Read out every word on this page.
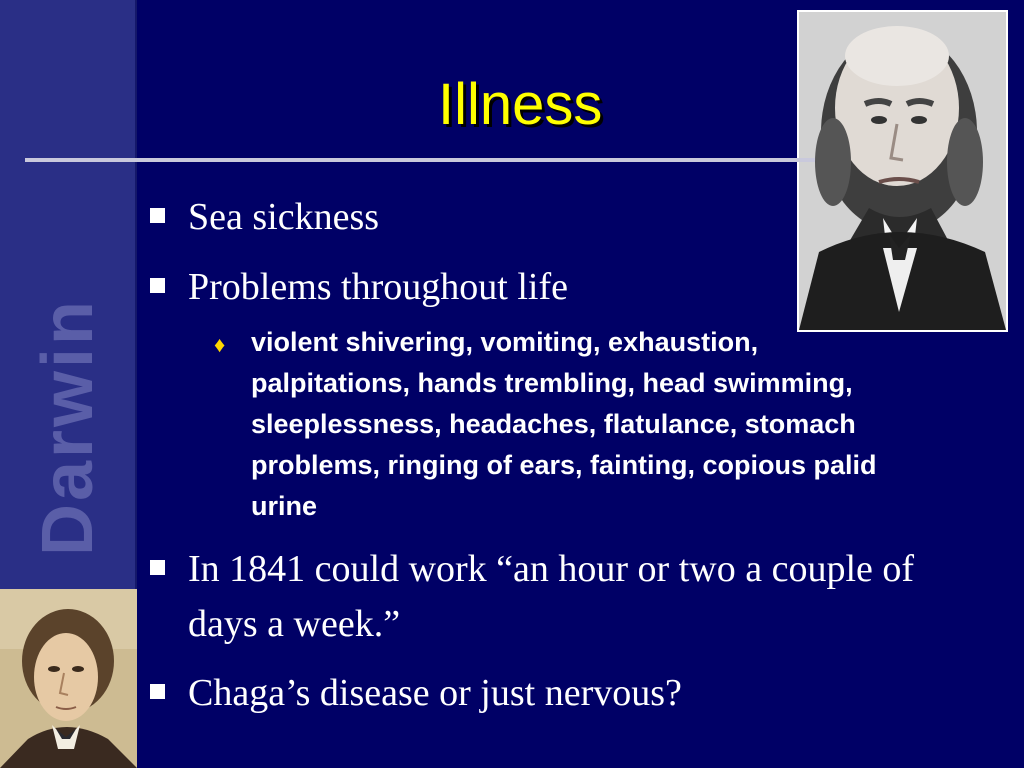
Darwin
Illness
Sea sickness
Problems throughout life
♦ violent shivering, vomiting, exhaustion, palpitations, hands trembling, head swimming, sleeplessness, headaches, flatulance, stomach problems, ringing of ears, fainting, copious palid urine
In 1841 could work “an hour or two a couple of days a week.”
Chaga’s disease or just nervous?
